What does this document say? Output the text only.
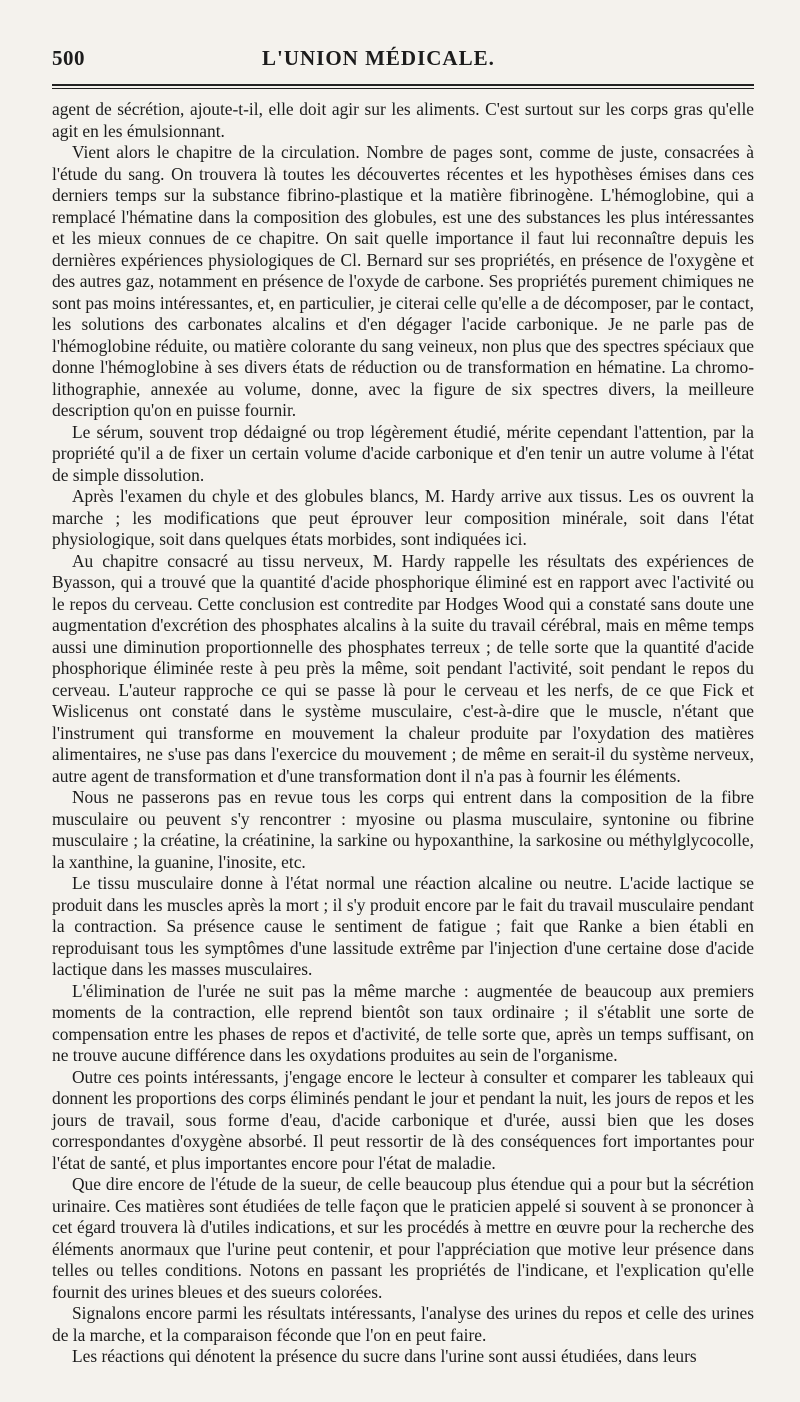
500	L'UNION MÉDICALE.

agent de sécrétion, ajoute-t-il, elle doit agir sur les aliments. C'est surtout sur les corps gras qu'elle agit en les émulsionnant.

Vient alors le chapitre de la circulation. Nombre de pages sont, comme de juste, consacrées à l'étude du sang. On trouvera là toutes les découvertes récentes et les hypothèses émises dans ces derniers temps sur la substance fibrino-plastique et la matière fibrinogène. L'hémoglobine, qui a remplacé l'hématine dans la composition des globules, est une des substances les plus intéressantes et les mieux connues de ce chapitre. On sait quelle importance il faut lui reconnaître depuis les dernières expériences physiologiques de Cl. Bernard sur ses propriétés, en présence de l'oxygène et des autres gaz, notamment en présence de l'oxyde de carbone. Ses propriétés purement chimiques ne sont pas moins intéressantes, et, en particulier, je citerai celle qu'elle a de décomposer, par le contact, les solutions des carbonates alcalins et d'en dégager l'acide carbonique. Je ne parle pas de l'hémoglobine réduite, ou matière colorante du sang veineux, non plus que des spectres spéciaux que donne l'hémoglobine à ses divers états de réduction ou de transformation en hématine. La chromo-lithographie, annexée au volume, donne, avec la figure de six spectres divers, la meilleure description qu'on en puisse fournir.

Le sérum, souvent trop dédaigné ou trop légèrement étudié, mérite cependant l'attention, par la propriété qu'il a de fixer un certain volume d'acide carbonique et d'en tenir un autre volume à l'état de simple dissolution.

Après l'examen du chyle et des globules blancs, M. Hardy arrive aux tissus. Les os ouvrent la marche ; les modifications que peut éprouver leur composition minérale, soit dans l'état physiologique, soit dans quelques états morbides, sont indiquées ici.

Au chapitre consacré au tissu nerveux, M. Hardy rappelle les résultats des expériences de Byasson, qui a trouvé que la quantité d'acide phosphorique éliminé est en rapport avec l'activité ou le repos du cerveau. Cette conclusion est contredite par Hodges Wood qui a constaté sans doute une augmentation d'excrétion des phosphates alcalins à la suite du travail cérébral, mais en même temps aussi une diminution proportionnelle des phosphates terreux ; de telle sorte que la quantité d'acide phosphorique éliminée reste à peu près la même, soit pendant l'activité, soit pendant le repos du cerveau. L'auteur rapproche ce qui se passe là pour le cerveau et les nerfs, de ce que Fick et Wislicenus ont constaté dans le système musculaire, c'est-à-dire que le muscle, n'étant que l'instrument qui transforme en mouvement la chaleur produite par l'oxydation des matières alimentaires, ne s'use pas dans l'exercice du mouvement ; de même en serait-il du système nerveux, autre agent de transformation et d'une transformation dont il n'a pas à fournir les éléments.

Nous ne passerons pas en revue tous les corps qui entrent dans la composition de la fibre musculaire ou peuvent s'y rencontrer : myosine ou plasma musculaire, syntonine ou fibrine musculaire ; la créatine, la créatinine, la sarkine ou hypoxanthine, la sarkosine ou méthylglycocolle, la xanthine, la guanine, l'inosite, etc.

Le tissu musculaire donne à l'état normal une réaction alcaline ou neutre. L'acide lactique se produit dans les muscles après la mort ; il s'y produit encore par le fait du travail musculaire pendant la contraction. Sa présence cause le sentiment de fatigue ; fait que Ranke a bien établi en reproduisant tous les symptômes d'une lassitude extrême par l'injection d'une certaine dose d'acide lactique dans les masses musculaires.

L'élimination de l'urée ne suit pas la même marche : augmentée de beaucoup aux premiers moments de la contraction, elle reprend bientôt son taux ordinaire ; il s'établit une sorte de compensation entre les phases de repos et d'activité, de telle sorte que, après un temps suffisant, on ne trouve aucune différence dans les oxydations produites au sein de l'organisme.

Outre ces points intéressants, j'engage encore le lecteur à consulter et comparer les tableaux qui donnent les proportions des corps éliminés pendant le jour et pendant la nuit, les jours de repos et les jours de travail, sous forme d'eau, d'acide carbonique et d'urée, aussi bien que les doses correspondantes d'oxygène absorbé. Il peut ressortir de là des conséquences fort importantes pour l'état de santé, et plus importantes encore pour l'état de maladie.

Que dire encore de l'étude de la sueur, de celle beaucoup plus étendue qui a pour but la sécrétion urinaire. Ces matières sont étudiées de telle façon que le praticien appelé si souvent à se prononcer à cet égard trouvera là d'utiles indications, et sur les procédés à mettre en œuvre pour la recherche des éléments anormaux que l'urine peut contenir, et pour l'appréciation que motive leur présence dans telles ou telles conditions. Notons en passant les propriétés de l'indicane, et l'explication qu'elle fournit des urines bleues et des sueurs colorées.

Signalons encore parmi les résultats intéressants, l'analyse des urines du repos et celle des urines de la marche, et la comparaison féconde que l'on en peut faire.

Les réactions qui dénotent la présence du sucre dans l'urine sont aussi étudiées, dans leurs
